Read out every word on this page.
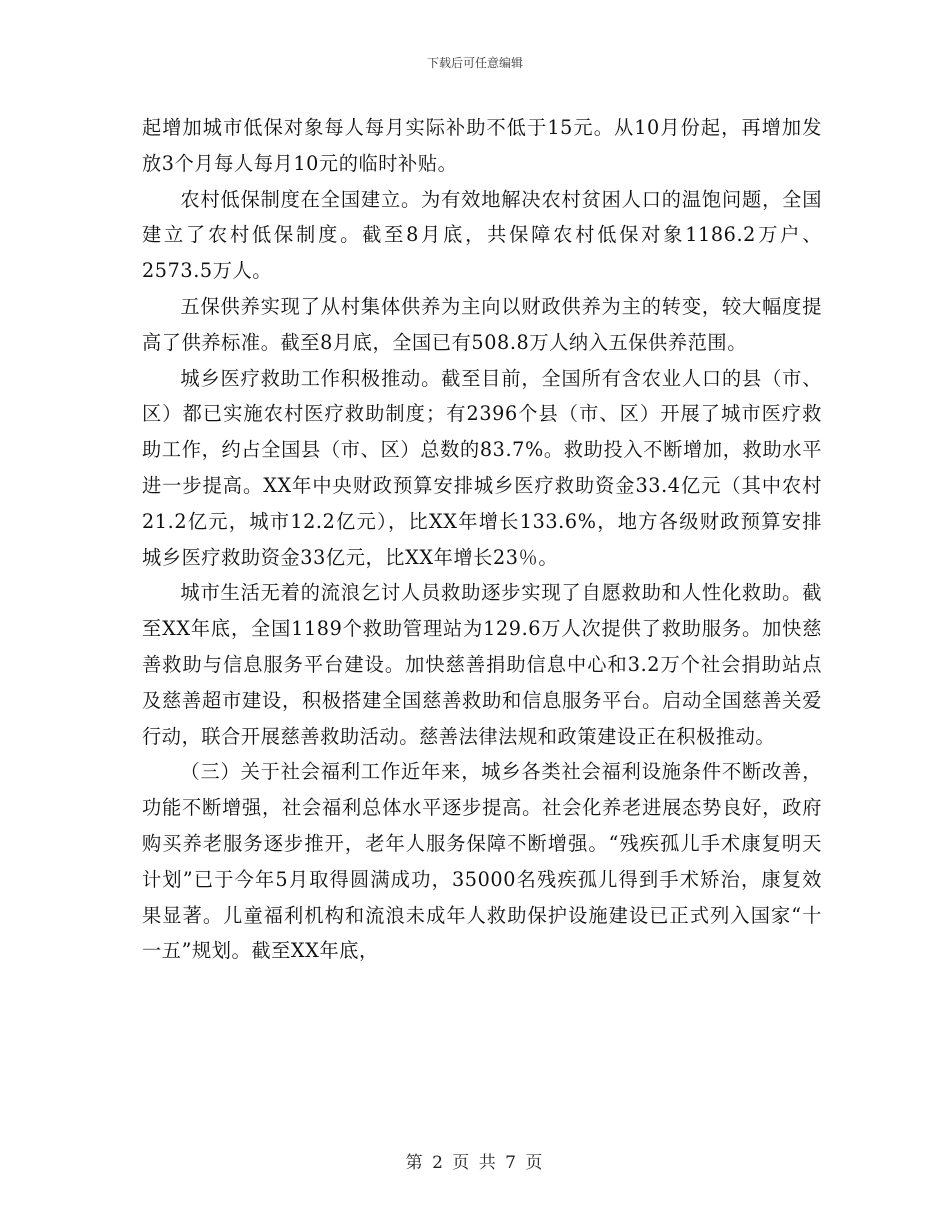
下载后可任意编辑

起增加城市低保对象每人每月实际补助不低于15元。从10月份起，再增加发放3个月每人每月10元的临时补贴。

农村低保制度在全国建立。为有效地解决农村贫困人口的温饱问题，全国建立了农村低保制度。截至8月底，共保障农村低保对象1186.2万户、2573.5万人。

五保供养实现了从村集体供养为主向以财政供养为主的转变，较大幅度提高了供养标准。截至8月底，全国已有508.8万人纳入五保供养范围。

城乡医疗救助工作积极推动。截至目前，全国所有含农业人口的县（市、区）都已实施农村医疗救助制度；有2396个县（市、区）开展了城市医疗救助工作，约占全国县（市、区）总数的83.7%。救助投入不断增加，救助水平进一步提高。XX年中央财政预算安排城乡医疗救助资金33.4亿元（其中农村21.2亿元，城市12.2亿元），比XX年增长133.6%，地方各级财政预算安排城乡医疗救助资金33亿元，比XX年增长23％。

城市生活无着的流浪乞讨人员救助逐步实现了自愿救助和人性化救助。截至XX年底，全国1189个救助管理站为129.6万人次提供了救助服务。加快慈善救助与信息服务平台建设。加快慈善捐助信息中心和3.2万个社会捐助站点及慈善超市建设，积极搭建全国慈善救助和信息服务平台。启动全国慈善关爱行动，联合开展慈善救助活动。慈善法律法规和政策建设正在积极推动。

（三）关于社会福利工作近年来，城乡各类社会福利设施条件不断改善，功能不断增强，社会福利总体水平逐步提高。社会化养老进展态势良好，政府购买养老服务逐步推开，老年人服务保障不断增强。“残疾孤儿手术康复明天计划”已于今年5月取得圆满成功，35000名残疾孤儿得到手术矫治，康复效果显著。儿童福利机构和流浪未成年人救助保护设施建设已正式列入国家“十一五”规划。截至XX年底，

第 2 页 共 7 页
